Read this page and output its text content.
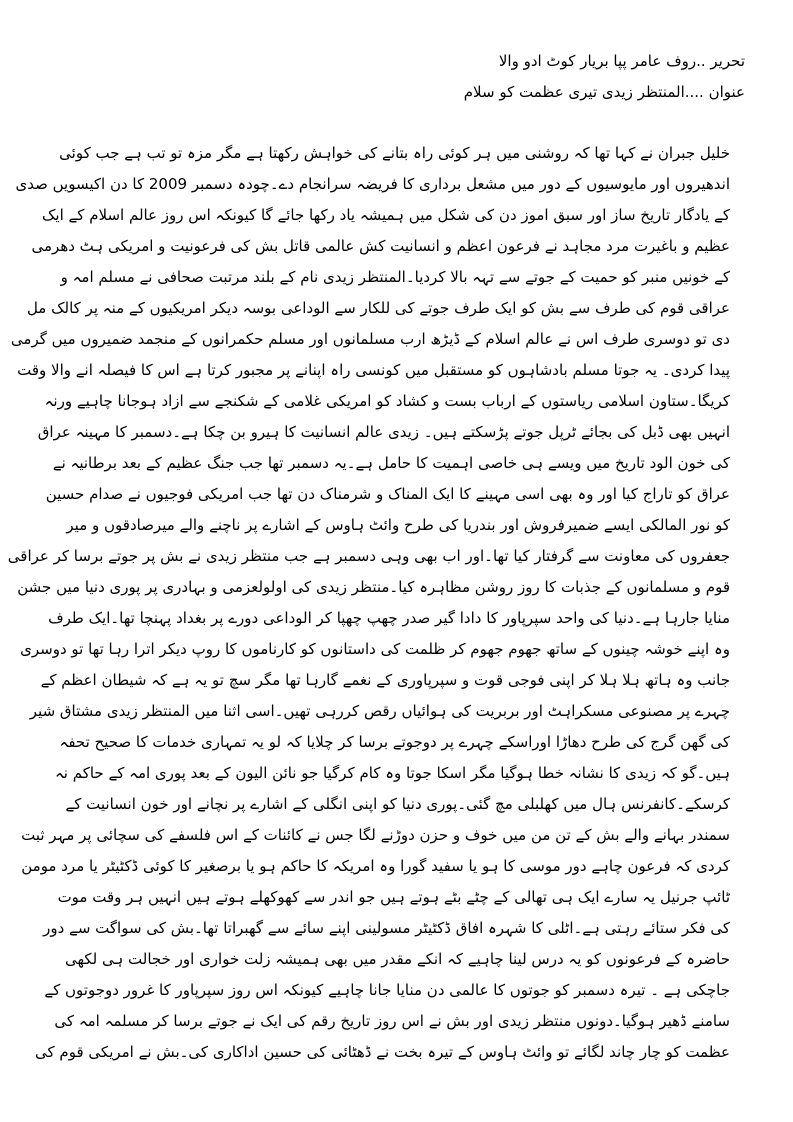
تحریر ..روف عامر پپا بریار کوٹ ادو والا
عنوان ....المنتظر زیدی تیری عظمت کو سلام
خلیل جبران نے کہا تھا کہ روشنی میں ہر کوئی راہ بتانے کی خواہش رکھتا ہے مگر مزہ تو تب ہے جب کوئی
اندھیروں اور مایوسیوں کے دور میں مشعل برداری کا فریضہ سرانجام دے۔چودہ دسمبر 2009 کا دن اکیسویں صدی
کے یادگار تاریخ ساز اور سبق اموز دن کی شکل میں ہمیشہ یاد رکھا جائے گا کیونکہ اس روز عالم اسلام کے ایک
عظیم و باغیرت مرد مجاہد نے فرعون اعظم و انسانیت کش عالمی قاتل بش کی فرعونیت و امریکی ہٹ دھرمی
کے خونیں منبر کو حمیت کے جوتے سے تہہ بالا کردیا۔المنتظر زیدی نام کے بلند مرتبت صحافی نے مسلم امہ و
عراقی قوم کی طرف سے بش کو ایک طرف جوتے کی للکار سے الوداعی بوسہ دیکر امریکیوں کے منہ پر کالک مل
دی تو دوسری طرف اس نے عالم اسلام کے ڈیڑھ ارب مسلمانوں اور مسلم حکمرانوں کے منجمد ضمیروں میں گرمی
پیدا کردی۔ یہ جوتا مسلم بادشاہوں کو مستقبل میں کونسی راہ اپنانے پر مجبور کرتا ہے اس کا فیصلہ انے والا وقت
کریگا۔ستاون اسلامی ریاستوں کے ارباب بست و کشاد کو امریکی غلامی کے شکنجے سے ازاد ہوجانا چاہیے ورنہ
انہیں بھی ڈبل کی بجائے ٹرپل جوتے پڑسکتے ہیں۔ زیدی عالم انسانیت کا ہیرو بن چکا ہے۔دسمبر کا مہینہ عراق
کی خون الود تاریخ میں ویسے ہی خاصی اہمیت کا حامل ہے۔یہ دسمبر تھا جب جنگ عظیم کے بعد برطانیہ نے
عراق کو تاراج کیا اور وہ بھی اسی مہینے کا ایک المناک و شرمناک دن تھا جب امریکی فوجیوں نے صدام حسین
کو نور المالکی ایسے ضمیرفروش اور بندریا کی طرح وائٹ ہاوس کے اشارے پر ناچنے والے میرصادقوں و میر
جعفروں کی معاونت سے گرفتار کیا تھا۔اور اب بھی وہی دسمبر ہے جب منتظر زیدی نے بش پر جوتے برسا کر عراقی
قوم و مسلمانوں کے جذبات کا روز روشن مظاہرہ کیا۔منتظر زیدی کی اولولعزمی و بہادری پر پوری دنیا میں جشن
منایا جارہا ہے۔دنیا کی واحد سپرپاور کا دادا گیر صدر چھپ چھپا کر الوداعی دورے پر بغداد پہنچا تھا۔ایک طرف
وہ اپنے خوشہ چینوں کے ساتھ جھوم جھوم کر ظلمت کی داستانوں کو کارناموں کا روپ دیکر اترا رہا تھا تو دوسری
جانب وہ ہاتھ ہلا ہلا کر اپنی فوجی قوت و سپرپاوری کے نغمے گارہا تھا مگر سچ تو یہ ہے کہ شیطان اعظم کے
چہرے پر مصنوعی مسکراہٹ اور بربریت کی ہوائیاں رقص کررہی تھیں۔اسی اثنا میں المنتظر زیدی مشتاق شیر
کی گھن گرج کی طرح دھاڑا اوراسکے چہرے پر دوجوتے برسا کر چلایا کہ لو یہ تمہاری خدمات کا صحیح تحفہ
ہیں۔گو کہ زیدی کا نشانہ خطا ہوگیا مگر اسکا جوتا وہ کام کرگیا جو نائن الیون کے بعد پوری امہ کے حاکم نہ
کرسکے۔کانفرنس ہال میں کھلبلی مچ گئی۔پوری دنیا کو اپنی انگلی کے اشارے پر نچانے اور خون انسانیت کے
سمندر بہانے والے بش کے تن من میں خوف و حزن دوڑنے لگا جس نے کائنات کے اس فلسفے کی سچائی پر مہر ثبت
کردی کہ فرعون چاہے دور موسی کا ہو یا سفید گورا وہ امریکہ کا حاکم ہو یا برصغیر کا کوئی ڈکٹیٹر یا مرد مومن
ٹائپ جرنیل یہ سارے ایک ہی تھالی کے چٹے بٹے ہوتے ہیں جو اندر سے کھوکھلے ہوتے ہیں انہیں ہر وقت موت
کی فکر ستائے رہتی ہے۔اٹلی کا شہرہ افاق ڈکٹیٹر مسولینی اپنے سائے سے گھبراتا تھا۔بش کی سواگت سے دور
حاضرہ کے فرعونوں کو یہ درس لینا چاہیے کہ انکے مقدر میں بھی ہمیشہ زلت خواری اور خجالت ہی لکھی
جاچکی ہے ۔ تیرہ دسمبر کو جوتوں کا عالمی دن منایا جانا چاہیے کیونکہ اس روز سپرپاور کا غرور دوجوتوں کے
سامنے ڈھیر ہوگیا۔دونوں منتظر زیدی اور بش نے اس روز تاریخ رقم کی ایک نے جوتے برسا کر مسلمہ امہ کی
عظمت کو چار چاند لگائے تو وائٹ ہاوس کے تیرہ بخت نے ڈھٹائی کی حسین اداکاری کی۔بش نے امریکی قوم کی
